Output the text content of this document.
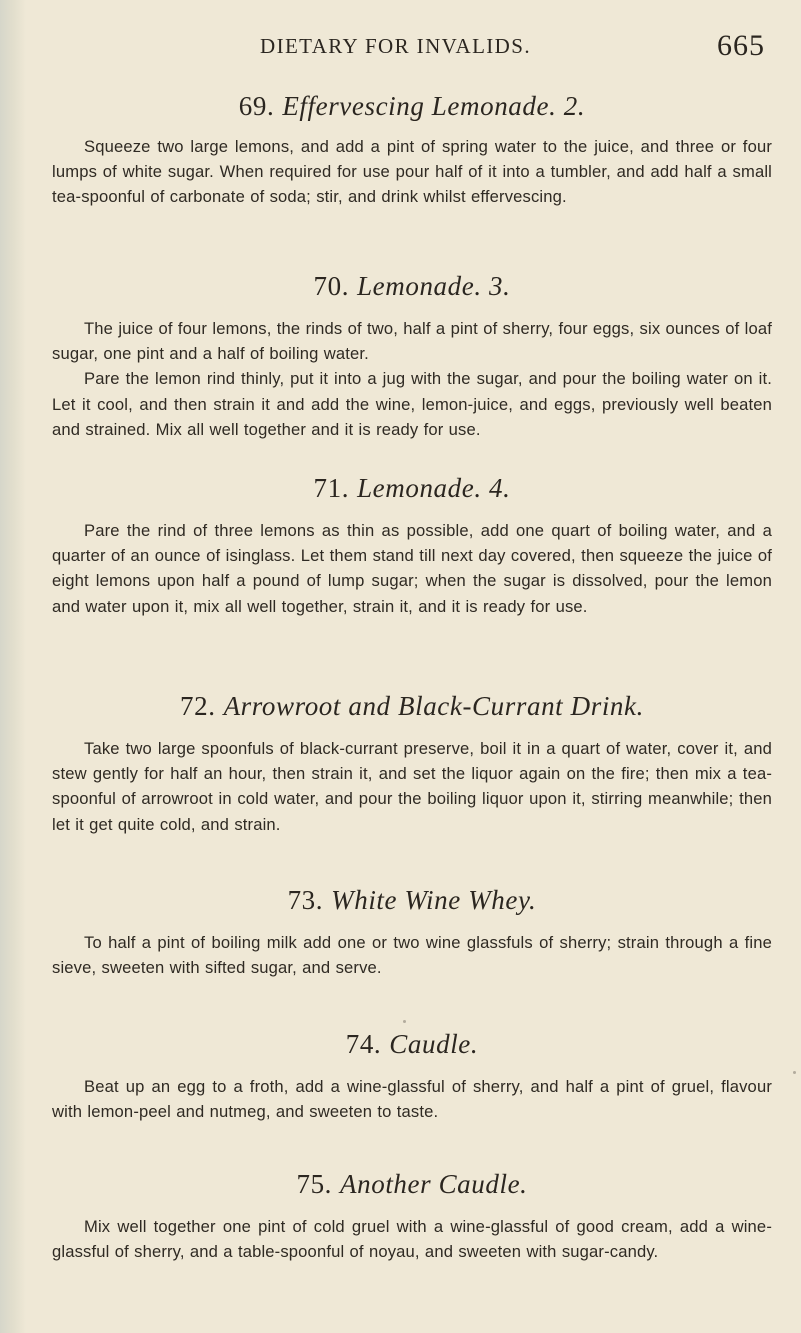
DIETARY FOR INVALIDS.	665
69. Effervescing Lemonade. 2.

Squeeze two large lemons, and add a pint of spring water to the juice, and three or four lumps of white sugar. When required for use pour half of it into a tumbler, and add half a small tea-spoonful of carbonate of soda; stir, and drink whilst effervescing.

70. Lemonade. 3.

The juice of four lemons, the rinds of two, half a pint of sherry, four eggs, six ounces of loaf sugar, one pint and a half of boiling water.

Pare the lemon rind thinly, put it into a jug with the sugar, and pour the boiling water on it. Let it cool, and then strain it and add the wine, lemon-juice, and eggs, previously well beaten and strained. Mix all well together and it is ready for use.

71. Lemonade. 4.

Pare the rind of three lemons as thin as possible, add one quart of boiling water, and a quarter of an ounce of isinglass. Let them stand till next day covered, then squeeze the juice of eight lemons upon half a pound of lump sugar; when the sugar is dissolved, pour the lemon and water upon it, mix all well together, strain it, and it is ready for use.

72. Arrowroot and Black-Currant Drink.

Take two large spoonfuls of black-currant preserve, boil it in a quart of water, cover it, and stew gently for half an hour, then strain it, and set the liquor again on the fire; then mix a tea-spoonful of arrowroot in cold water, and pour the boiling liquor upon it, stirring meanwhile; then let it get quite cold, and strain.

73. White Wine Whey.

To half a pint of boiling milk add one or two wine glassfuls of sherry; strain through a fine sieve, sweeten with sifted sugar, and serve.

74. Caudle.

Beat up an egg to a froth, add a wine-glassful of sherry, and half a pint of gruel, flavour with lemon-peel and nutmeg, and sweeten to taste.

75. Another Caudle.

Mix well together one pint of cold gruel with a wine-glassful of good cream, add a wine-glassful of sherry, and a table-spoonful of noyau, and sweeten with sugar-candy.
